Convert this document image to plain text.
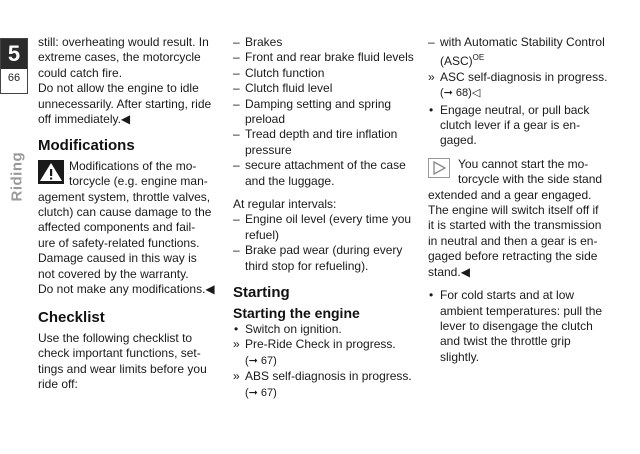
5
66
Riding

still: overheating would result. In

extreme cases, the motorcycle

could catch fire.

Do not allow the engine to idle

unnecessarily. After starting, ride

off immediately.◀

Modifications

Modifications of the mo-

torcycle (e.g. engine man-

agement system, throttle valves,

clutch) can cause damage to the

affected components and fail-

ure of safety-related functions.

Damage caused in this way is

not covered by the warranty.

Do not make any modifications.◀

Checklist

Use the following checklist to

check important functions, set-

tings and wear limits before you

ride off:

– Brakes

– Front and rear brake fluid levels

– Clutch function

– Clutch fluid level

– Damping setting and spring preload

– Tread depth and tire inflation pressure

– secure attachment of the case and the luggage.

At regular intervals:

– Engine oil level (every time you refuel)

– Brake pad wear (during every third stop for refueling).

Starting
Starting the engine

• Switch on ignition.

» Pre-Ride Check in progress.
(➞ 67)
» ABS self-diagnosis in progress.
(➞ 67)

– with Automatic Stability Control (ASC)$^{OE}$

» ASC self-diagnosis in progress.
(➞ 68)◁

• Engage neutral, or pull back clutch lever if a gear is en-gaged.

You cannot start the mo-

torcycle with the side stand

extended and a gear engaged.

The engine will switch itself off if

it is started with the transmission

in neutral and then a gear is en-

gaged before retracting the side

stand.◀

• For cold starts and at low ambient temperatures: pull the lever to disengage the clutch and twist the throttle grip slightly.
